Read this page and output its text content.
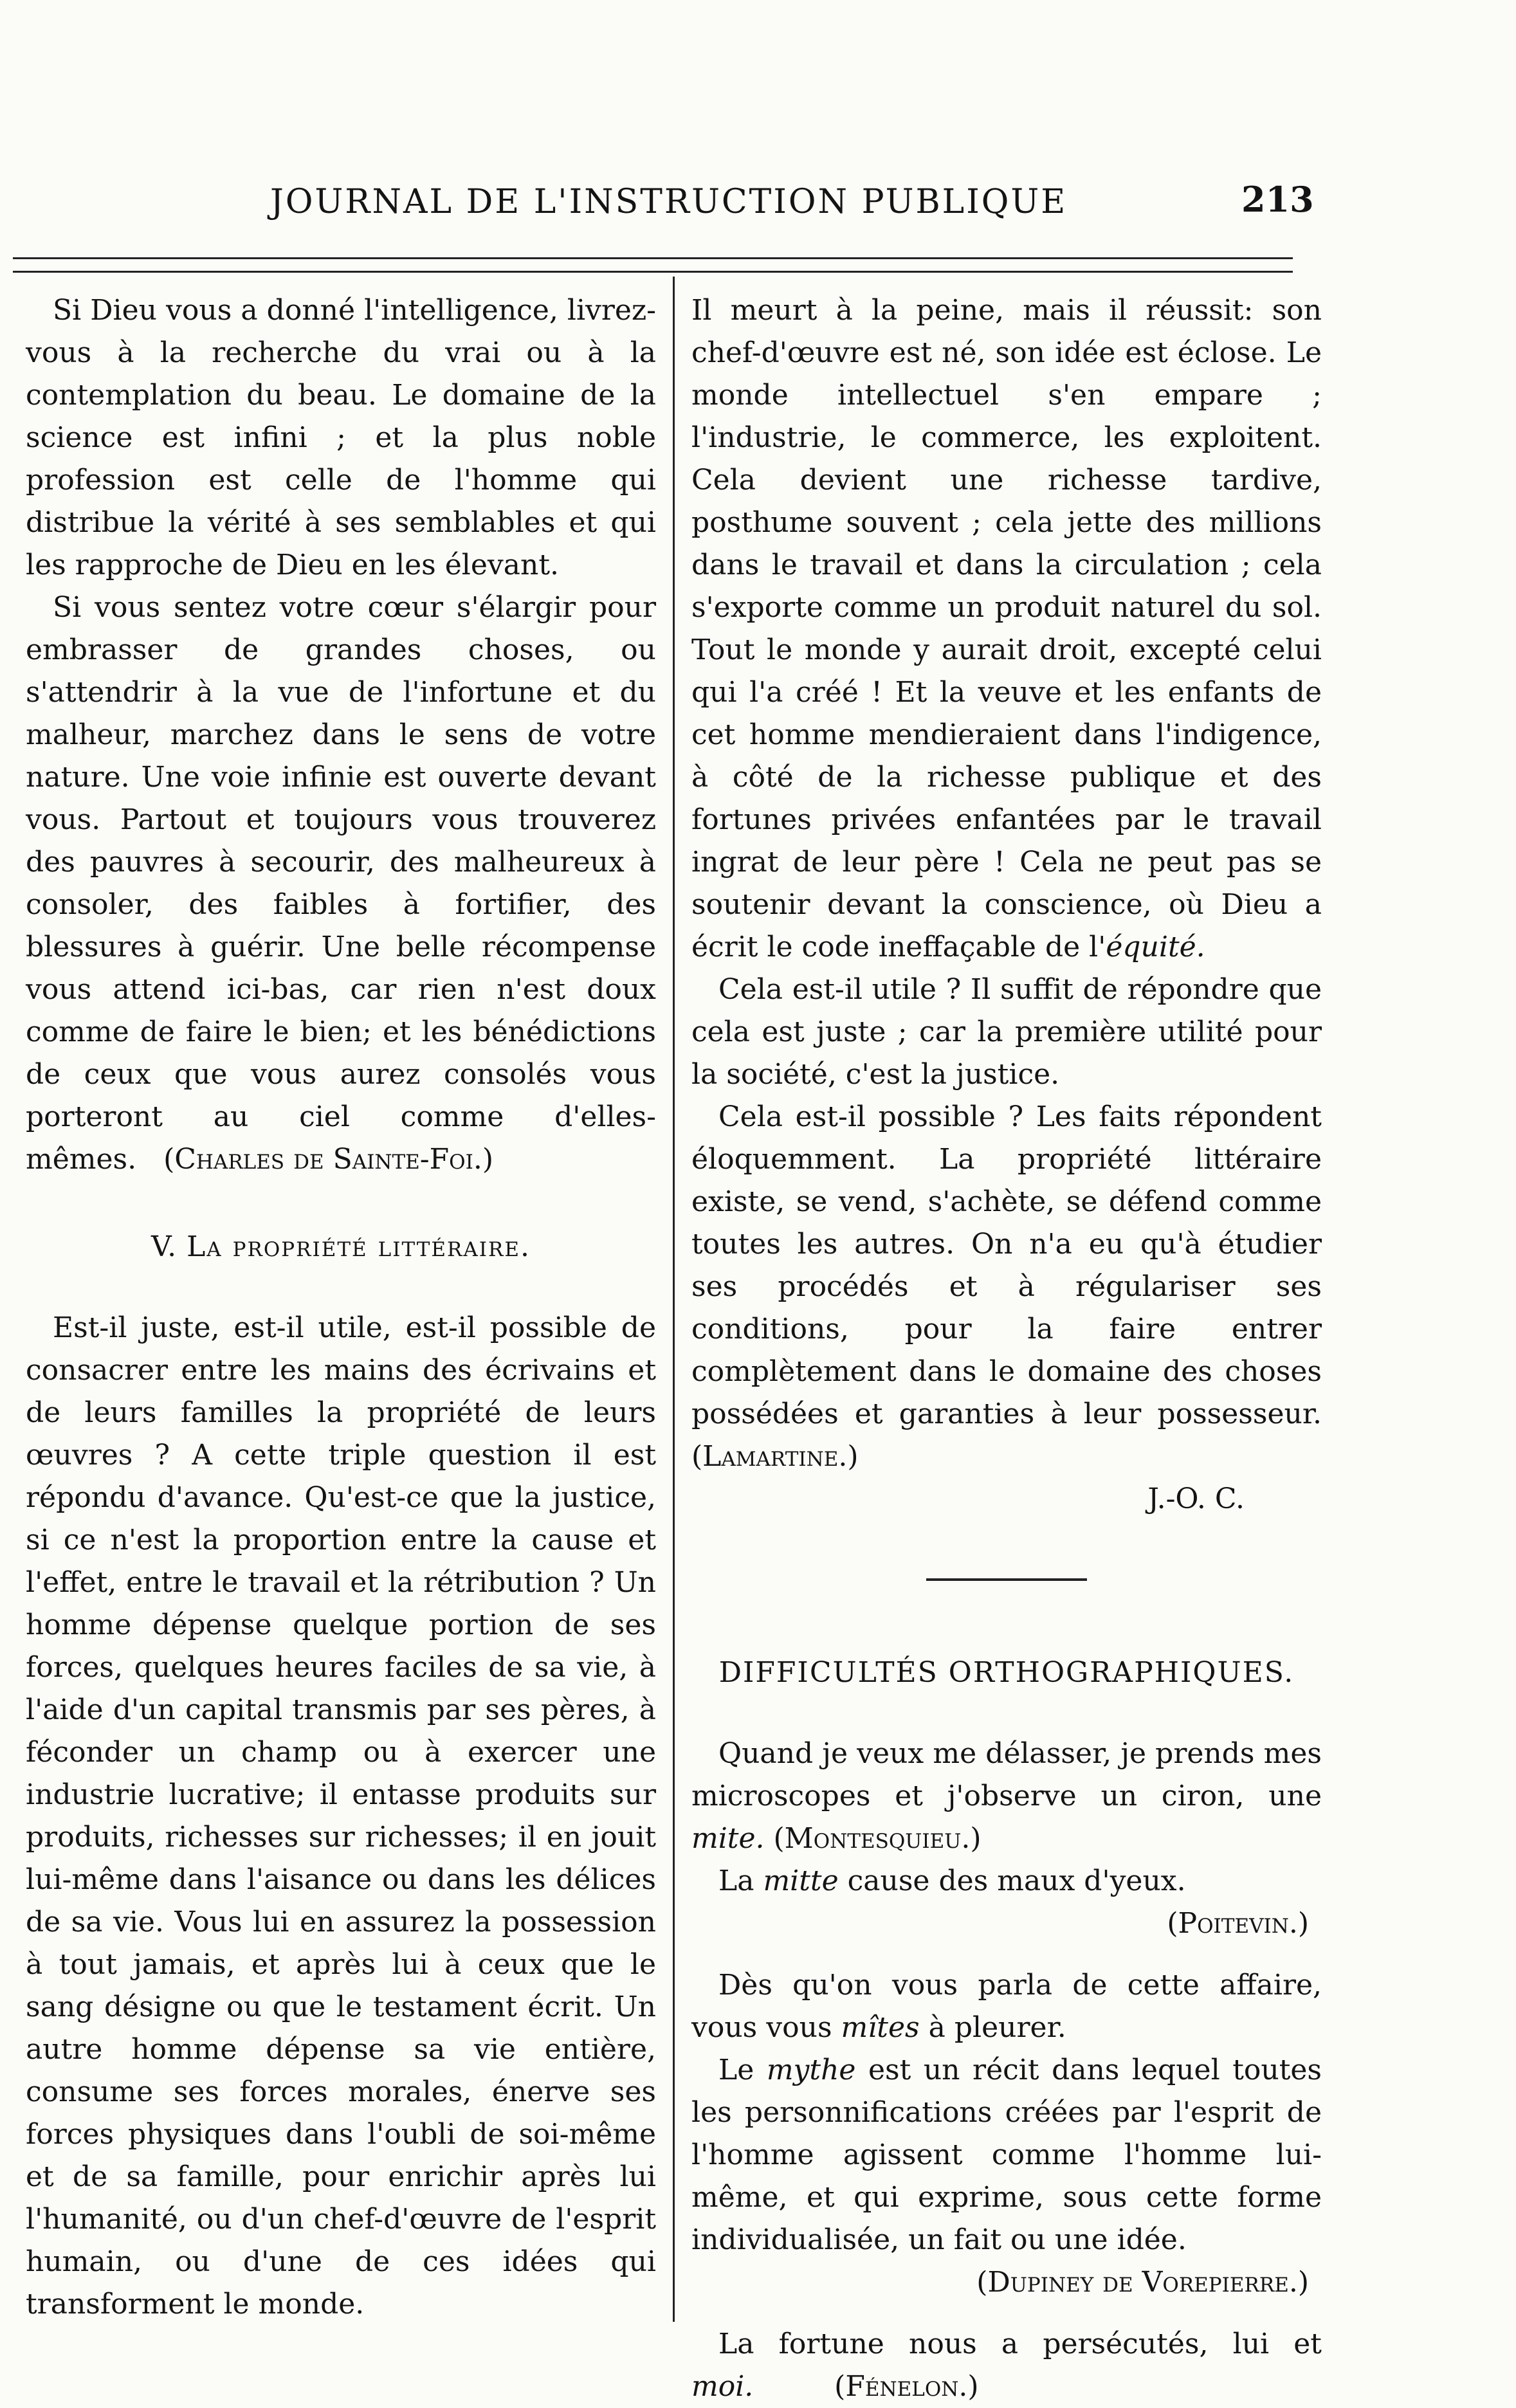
JOURNAL DE L'INSTRUCTION PUBLIQUE	213

Si Dieu vous a donné l'intelligence, livrez-vous à la recherche du vrai ou à la contemplation du beau. Le domaine de la science est infini ; et la plus noble profession est celle de l'homme qui distribue la vérité à ses semblables et qui les rapproche de Dieu en les élevant.

Si vous sentez votre cœur s'élargir pour embrasser de grandes choses, ou s'attendrir à la vue de l'infortune et du malheur, marchez dans le sens de votre nature. Une voie infinie est ouverte devant vous. Partout et toujours vous trouverez des pauvres à secourir, des malheureux à consoler, des faibles à fortifier, des blessures à guérir. Une belle récompense vous attend ici-bas, car rien n'est doux comme de faire le bien; et les bénédictions de ceux que vous aurez consolés vous porteront au ciel comme d'elles-mêmes. (Charles de Sainte-Foi.)

V. La propriété littéraire.

Est-il juste, est-il utile, est-il possible de consacrer entre les mains des écrivains et de leurs familles la propriété de leurs œuvres ? A cette triple question il est répondu d'avance. Qu'est-ce que la justice, si ce n'est la proportion entre la cause et l'effet, entre le travail et la rétribution ? Un homme dépense quelque portion de ses forces, quelques heures faciles de sa vie, à l'aide d'un capital transmis par ses pères, à féconder un champ ou à exercer une industrie lucrative; il entasse produits sur produits, richesses sur richesses; il en jouit lui-même dans l'aisance ou dans les délices de sa vie. Vous lui en assurez la possession à tout jamais, et après lui à ceux que le sang désigne ou que le testament écrit. Un autre homme dépense sa vie entière, consume ses forces morales, énerve ses forces physiques dans l'oubli de soi-même et de sa famille, pour enrichir après lui l'humanité, ou d'un chef-d'œuvre de l'esprit humain, ou d'une de ces idées qui transforment le monde.

Il meurt à la peine, mais il réussit: son chef-d'œuvre est né, son idée est éclose. Le monde intellectuel s'en empare ; l'industrie, le commerce, les exploitent. Cela devient une richesse tardive, posthume souvent ; cela jette des millions dans le travail et dans la circulation ; cela s'exporte comme un produit naturel du sol. Tout le monde y aurait droit, excepté celui qui l'a créé ! Et la veuve et les enfants de cet homme mendieraient dans l'indigence, à côté de la richesse publique et des fortunes privées enfantées par le travail ingrat de leur père ! Cela ne peut pas se soutenir devant la conscience, où Dieu a écrit le code ineffaçable de l'équité.

Cela est-il utile ? Il suffit de répondre que cela est juste ; car la première utilité pour la société, c'est la justice.

Cela est-il possible ? Les faits répondent éloquemment. La propriété littéraire existe, se vend, s'achète, se défend comme toutes les autres. On n'a eu qu'à étudier ses procédés et à régulariser ses conditions, pour la faire entrer complètement dans le domaine des choses possédées et garanties à leur possesseur. (Lamartine.)

J.-O. C.

DIFFICULTÉS ORTHOGRAPHIQUES.

Quand je veux me délasser, je prends mes microscopes et j'observe un ciron, une mite. (Montesquieu.)

La mitte cause des maux d'yeux.

(Poitevin.)

Dès qu'on vous parla de cette affaire, vous vous mîtes à pleurer.

Le mythe est un récit dans lequel toutes les personnifications créées par l'esprit de l'homme agissent comme l'homme lui-même, et qui exprime, sous cette forme individualisée, un fait ou une idée.

(Dupiney de Vorepierre.)

La fortune nous a persécutés, lui et moi.	(Fénelon.)
